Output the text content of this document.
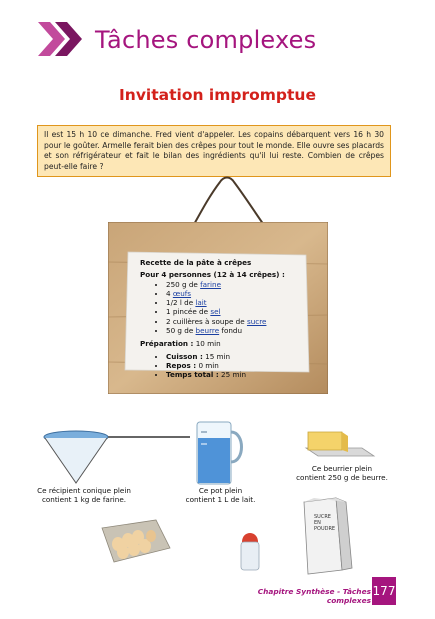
Tâches complexes
Invitation impromptue
Il est 15 h 10 ce dimanche. Fred vient d'appeler. Les copains débarquent vers 16 h 30 pour le goûter. Armelle ferait bien des crêpes pour tout le monde. Elle ouvre ses placards et son réfrigérateur et fait le bilan des ingrédients qu'il lui reste. Combien de crêpes peut-elle faire ?
Recette de la pâte à crêpes
Pour 4 personnes (12 à 14 crêpes) :
• 250 g de farine
• 4 œufs
• 1/2 l de lait
• 1 pincée de sel
• 2 cuillères à soupe de sucre
• 50 g de beurre fondu
Préparation : 10 min
• Cuisson : 15 min
• Repos : 0 min
• Temps total : 25 min
Ce récipient conique plein
contient 1 kg de farine.
Ce pot plein
contient 1 L de lait.
Ce beurrier plein
contient 250 g de beurre.
SUCRE
EN
POUDRE
Chapitre Synthèse - Tâches complexes
177
